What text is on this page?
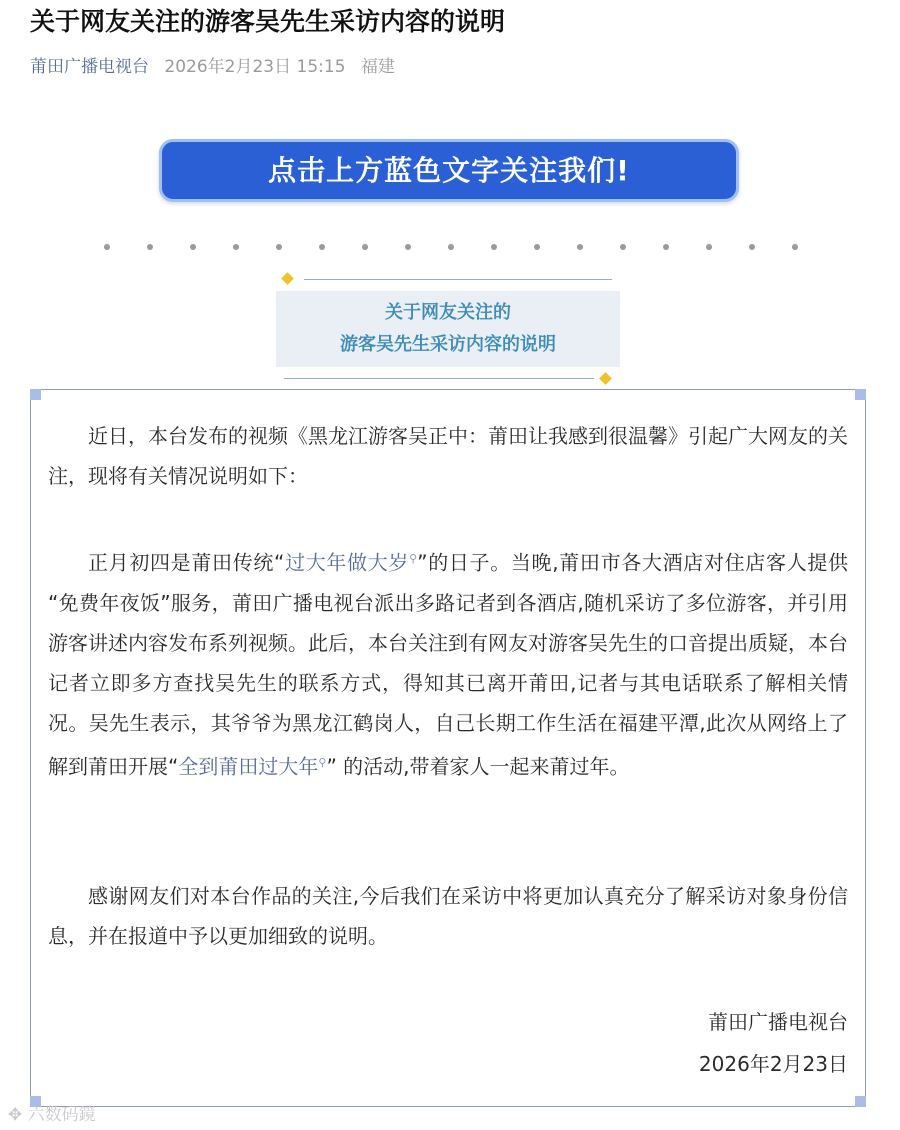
关于网友关注的游客吴先生采访内容的说明
莆田广播电视台 2026年2月23日 15:15 福建
点击上方蓝色文字关注我们!
关于网友关注的
游客吴先生采访内容的说明
近日，本台发布的视频《黑龙江游客吴正中：莆田让我感到很温馨》引起广大网友的关注，现将有关情况说明如下：
正月初四是莆田传统“过大年做大岁⚲”的日子。当晚,莆田市各大酒店对住店客人提供 “免费年夜饭”服务，莆田广播电视台派出多路记者到各酒店,随机采访了多位游客，并引用游客讲述内容发布系列视频。此后，本台关注到有网友对游客吴先生的口音提出质疑，本台记者立即多方查找吴先生的联系方式，得知其已离开莆田,记者与其电话联系了解相关情况。吴先生表示，其爷爷为黑龙江鹤岗人，自己长期工作生活在福建平潭,此次从网络上了解到莆田开展“全到莆田过大年⚲” 的活动,带着家人一起来莆过年。
感谢网友们对本台作品的关注,今后我们在采访中将更加认真充分了解采访对象身份信息，并在报道中予以更加细致的说明。
莆田广播电视台
2026年2月23日
✥ 六数码鏡
